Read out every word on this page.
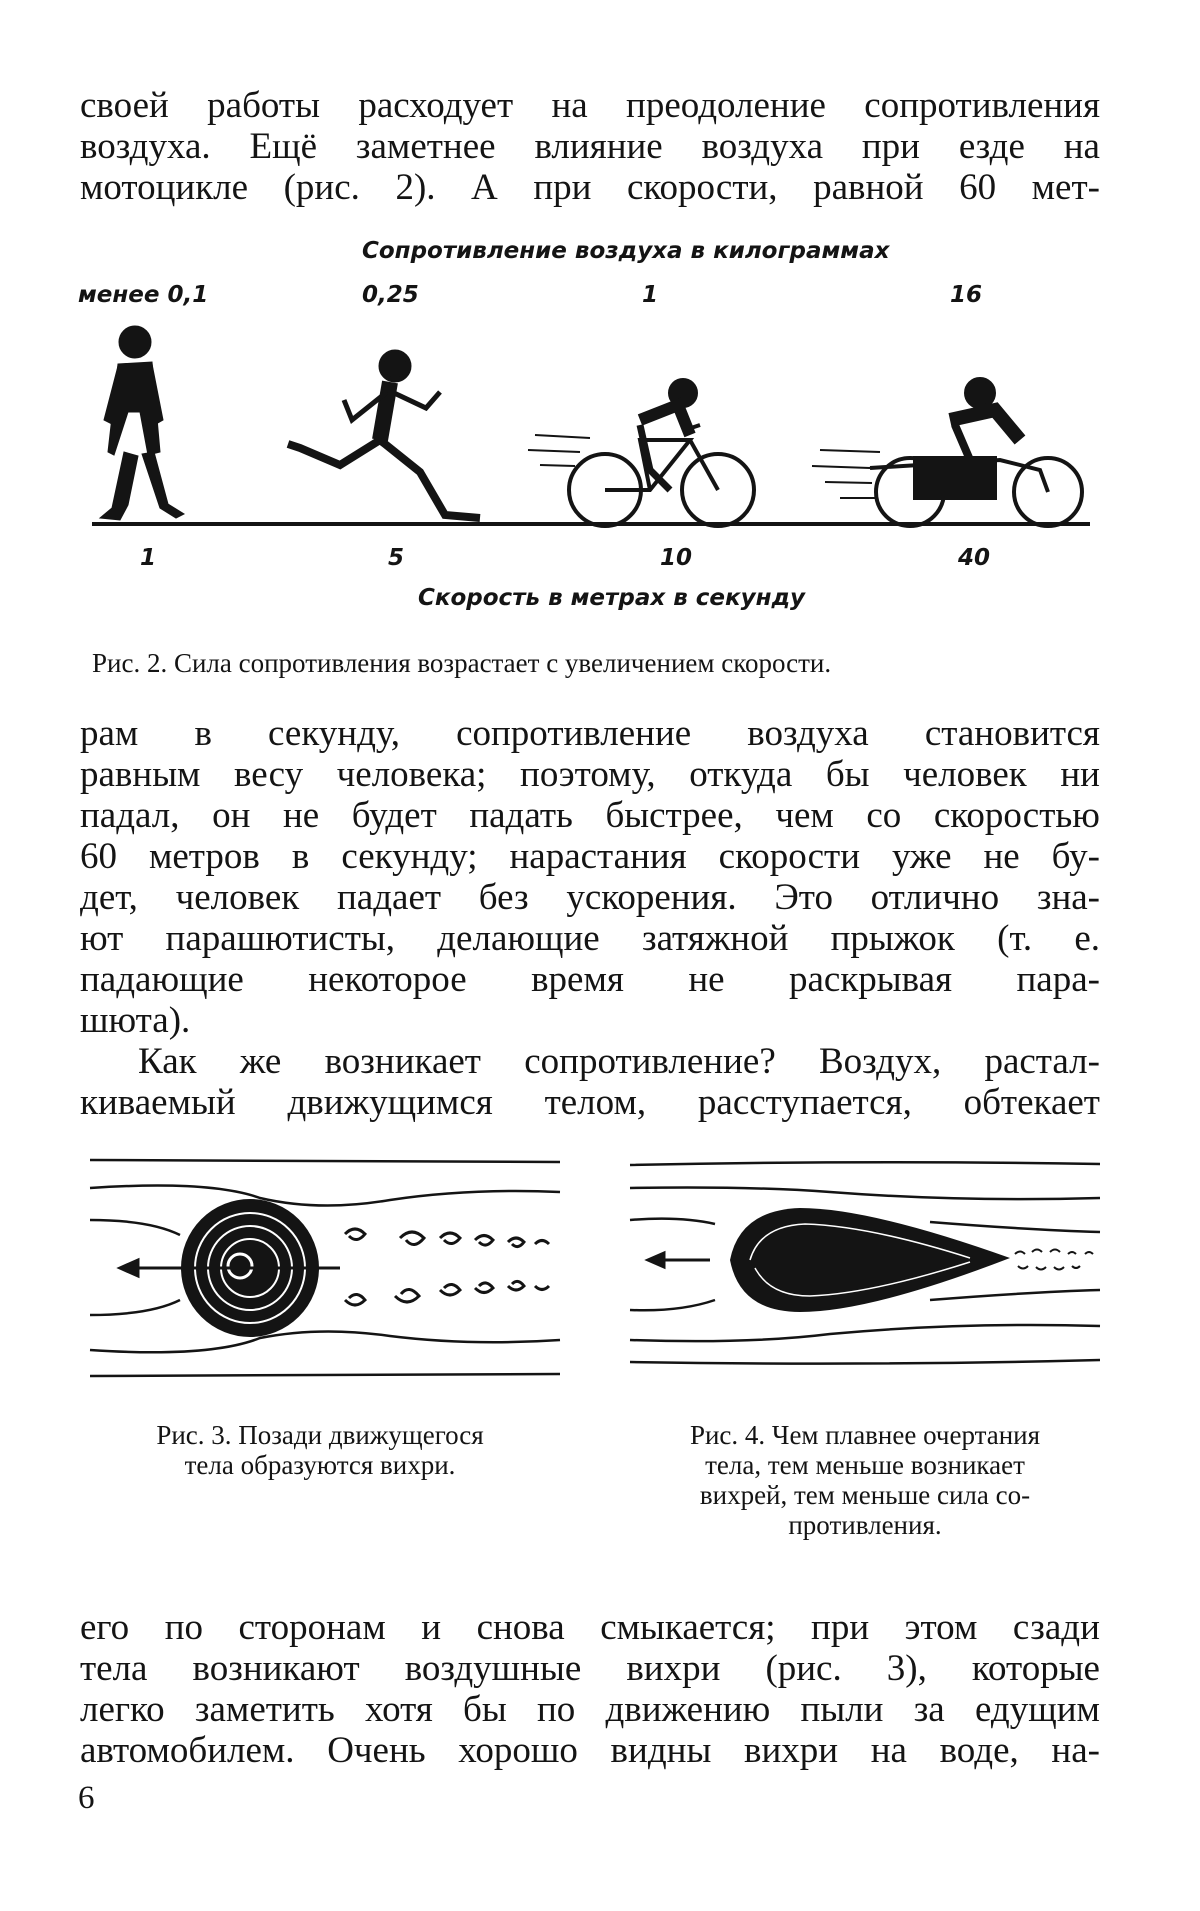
своей работы расходует на преодоление сопротивления
воздуха. Ещё заметнее влияние воздуха при езде на
мотоцикле (рис. 2). А при скорости, равной 60 мет-
Сопротивление воздуха в килограммах
менее 0,1	0,25	1	16
1	5	10	40
Скорость в метрах в секунду
Рис. 2. Сила сопротивления возрастает с увеличением скорости.
рам в секунду, сопротивление воздуха становится
равным весу человека; поэтому, откуда бы человек ни
падал, он не будет падать быстрее, чем со скоростью
60 метров в секунду; нарастания скорости уже не бу-
дет, человек падает без ускорения. Это отлично зна-
ют парашютисты, делающие затяжной прыжок (т. е.
падающие некоторое время не раскрывая пара-
шюта).
Как же возникает сопротивление? Воздух, растал-
киваемый движущимся телом, расступается, обтекает
Рис. 3. Позади движущегося
тела образуются вихри.
Рис. 4. Чем плавнее очертания
тела, тем меньше возникает
вихрей, тем меньше сила со-
противления.
его по сторонам и снова смыкается; при этом сзади
тела возникают воздушные вихри (рис. 3), которые
легко заметить хотя бы по движению пыли за едущим
автомобилем. Очень хорошо видны вихри на воде, на-
6
